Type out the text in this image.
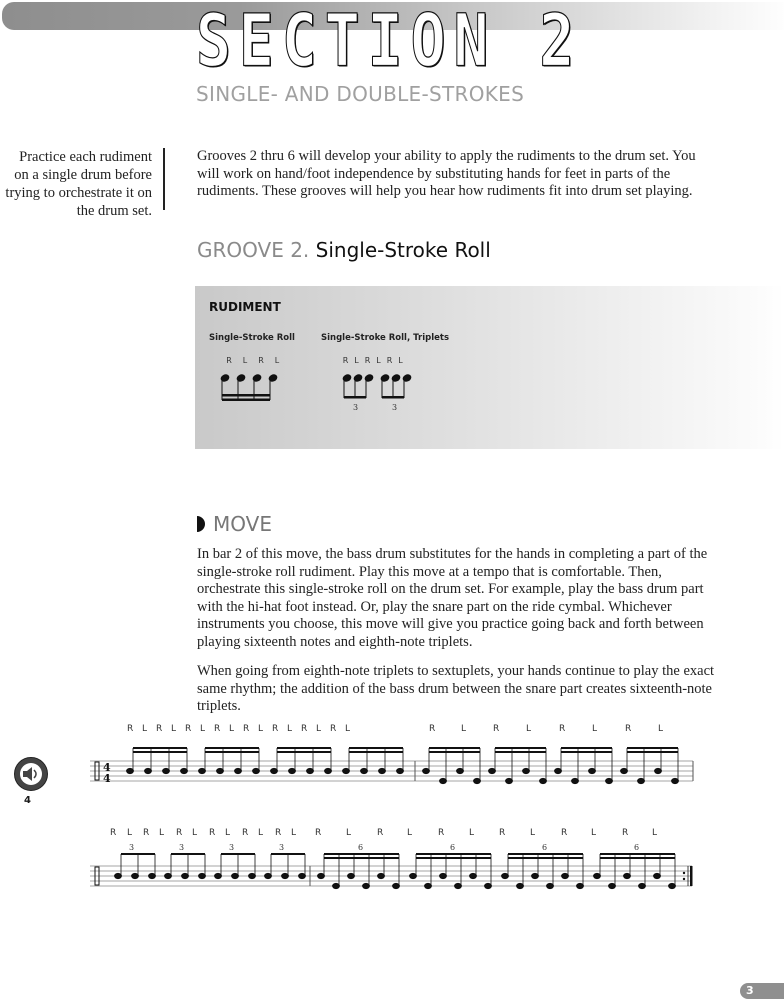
SECTION 2
SINGLE- AND DOUBLE-STROKES
Practice each rudiment on a single drum before trying to orchestrate it on the drum set.
Grooves 2 thru 6 will develop your ability to apply the rudiments to the drum set. You will work on hand/foot independence by substituting hands for feet in parts of the rudiments. These grooves will help you hear how rudiments fit into drum set playing.
GROOVE 2. Single-Stroke Roll
RUDIMENT
Single-Stroke Roll
R L R L
Single-Stroke Roll, Triplets
R L R L R L
3	3
MOVE
In bar 2 of this move, the bass drum substitutes for the hands in completing a part of the single-stroke roll rudiment. Play this move at a tempo that is comfortable. Then, orchestrate this single-stroke roll on the drum set. For example, play the bass drum part with the hi-hat foot instead. Or, play the snare part on the ride cymbal. Whichever instruments you choose, this move will give you practice going back and forth between playing sixteenth notes and eighth-note triplets.
When going from eighth-note triplets to sextuplets, your hands continue to play the exact same rhythm; the addition of the bass drum between the snare part creates sixteenth-note triplets.
4
R L R L R L R L R L R L R L R L	R	L	R	L	R	L	R	L
4
4
R L R L R L R L R L R L R	L	R	L	R	L	R	L	R	L	R	L
3	3	3	3	6	6	6	6
3
